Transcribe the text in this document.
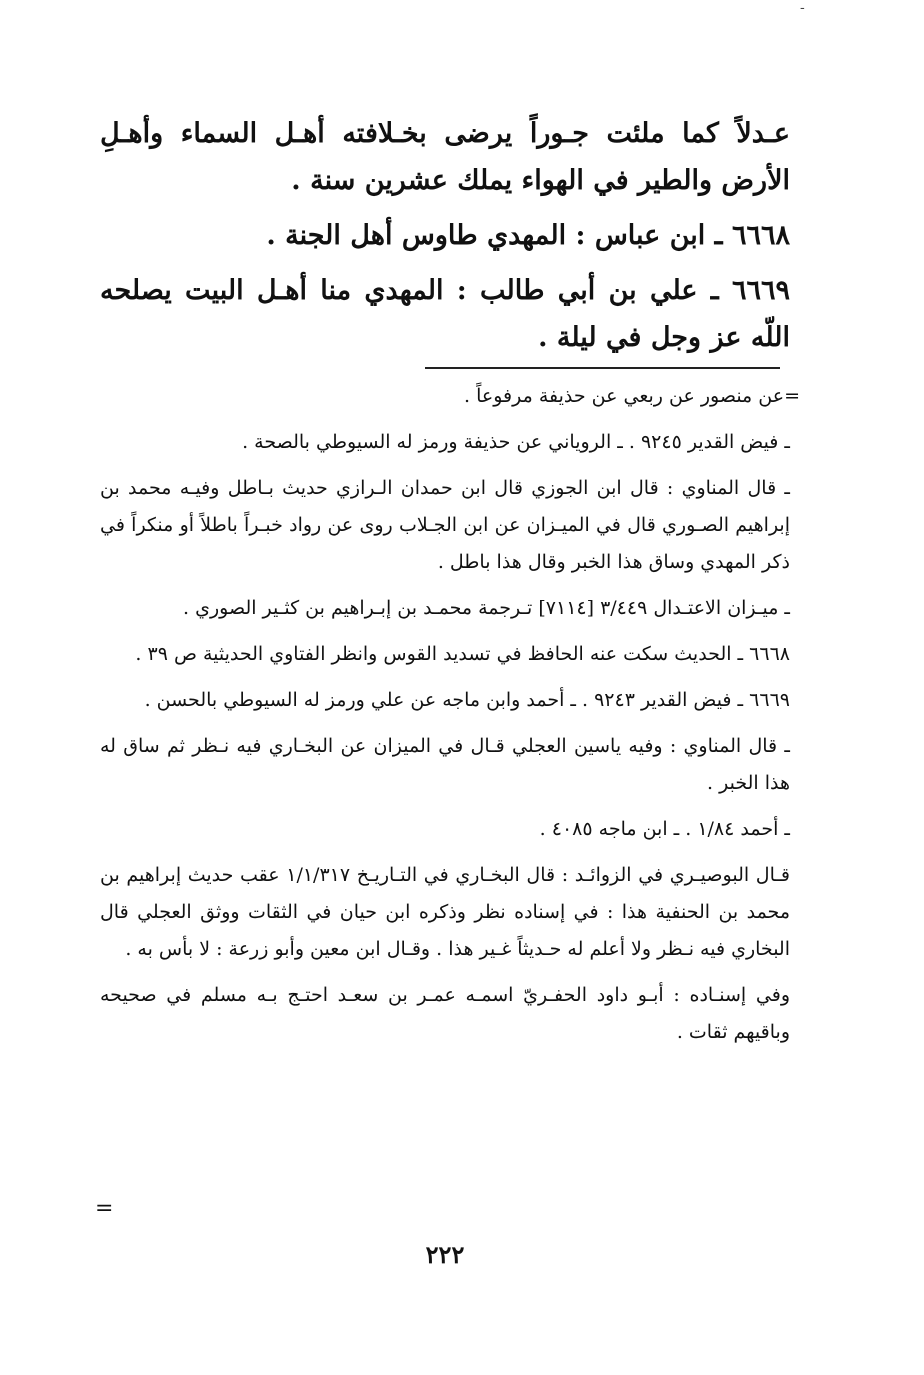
-

عـدلاً كما ملئت جـوراً يرضى بخـلافته أهـل السماء وأهـلِ الأرض والطير في الهواء يملك عشرين سنة .

٦٦٦٨ ـ ابن عباس : المهدي طاوس أهل الجنة .

٦٦٦٩ ـ علي بن أبي طالب : المهدي منا أهـل البيت يصلحه اللّه عز وجل في ليلة .

=عن منصور عن ربعي عن حذيفة مرفوعاً .

ـ فيض القدير ٩٢٤٥ . ـ الروياني عن حذيفة ورمز له السيوطي بالصحة .

ـ قال المناوي : قال ابن الجوزي قال ابن حمدان الـرازي حديث بـاطل وفيـه محمد بن إبراهيم الصـوري قال في الميـزان عن ابن الجـلاب روى عن رواد خبـراً باطلاً أو منكراً في ذكر المهدي وساق هذا الخبر وقال هذا باطل .

ـ ميـزان الاعتـدال ٣/٤٤٩ [٧١١٤] تـرجمة محمـد بن إبـراهيم بن كثـير الصوري .

٦٦٦٨ ـ الحديث سكت عنه الحافظ في تسديد القوس وانظر الفتاوي الحديثية ص ٣٩ .

٦٦٦٩ ـ فيض القدير ٩٢٤٣ . ـ أحمد وابن ماجه عن علي ورمز له السيوطي بالحسن .

ـ قال المناوي : وفيه ياسين العجلي قـال في الميزان عن البخـاري فيه نـظر ثم ساق له هذا الخبر .

ـ أحمد ١/٨٤ . ـ ابن ماجه ٤٠٨٥ .

قـال البوصيـري في الزوائـد : قال البخـاري في التـاريـخ ١/١/٣١٧ عقب حديث إبراهيم بن محمد بن الحنفية هذا : في إسناده نظر وذكره ابن حيان في الثقات ووثق العجلي قال البخاري فيه نـظر ولا أعلم له حـديثاً غـير هذا . وقـال ابن معين وأبو زرعة : لا بأس به .

وفي إسنـاده : أبـو داود الحفـريّ اسمـه عمـر بن سعـد احتـج بـه مسلم في صحيحه وباقيهم ثقات .

=
٢٢٢
